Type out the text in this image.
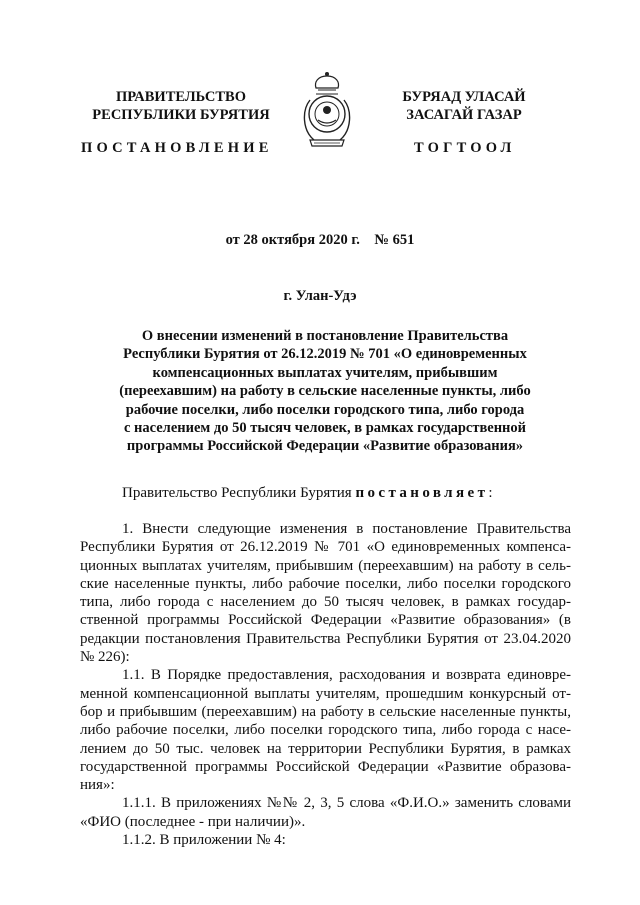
ПРАВИТЕЛЬСТВО
РЕСПУБЛИКИ БУРЯТИЯ
БУРЯАД УЛАСАЙ
ЗАСАГАЙ ГАЗАР
ПОСТАНОВЛЕНИЕ	ТОГТООЛ
от 28 октября 2020 г.    № 651
г. Улан-Удэ
О внесении изменений в постановление Правительства
Республики Бурятия от 26.12.2019 № 701 «О единовременных
компенсационных выплатах учителям, прибывшим
(переехавшим) на работу в сельские населенные пункты, либо
рабочие поселки, либо поселки городского типа, либо города
с населением до 50 тысяч человек, в рамках государственной
программы Российской Федерации «Развитие образования»
Правительство Республики Бурятия постановляет:

1. Внести следующие изменения в постановление Правительства Республики Бурятия от 26.12.2019 № 701 «О единовременных компенсационных выплатах учителям, прибывшим (переехавшим) на работу в сельские населенные пункты, либо рабочие поселки, либо поселки городского типа, либо города с населением до 50 тысяч человек, в рамках государственной программы Российской Федерации «Развитие образования» (в редакции постановления Правительства Республики Бурятия от 23.04.2020 № 226):

1.1. В Порядке предоставления, расходования и возврата единовременной компенсационной выплаты учителям, прошедшим конкурсный отбор и прибывшим (переехавшим) на работу в сельские населенные пункты, либо рабочие поселки, либо поселки городского типа, либо города с населением до 50 тыс. человек на территории Республики Бурятия, в рамках государственной программы Российской Федерации «Развитие образования»:

1.1.1. В приложениях №№ 2, 3, 5 слова «Ф.И.О.» заменить словами «ФИО (последнее - при наличии)».

1.1.2. В приложении № 4:
